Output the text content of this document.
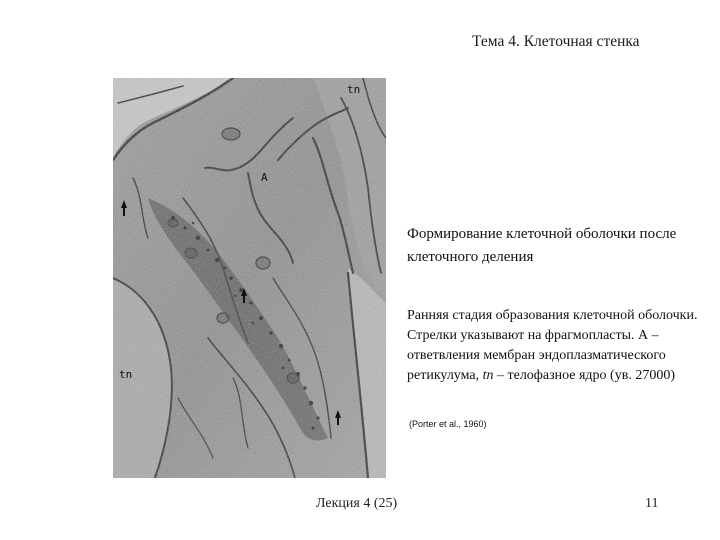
Тема 4. Клеточная стенка
tn
A
tn
Формирование клеточной оболочки после клеточного деления
Ранняя стадия образования клеточной оболочки. Стрелки указывают на фрагмопласты. А – ответвления мембран эндоплазматического ретикулума, tn – телофазное ядро (ув. 27000)
(Porter et al., 1960)
Лекция 4 (25)	11
